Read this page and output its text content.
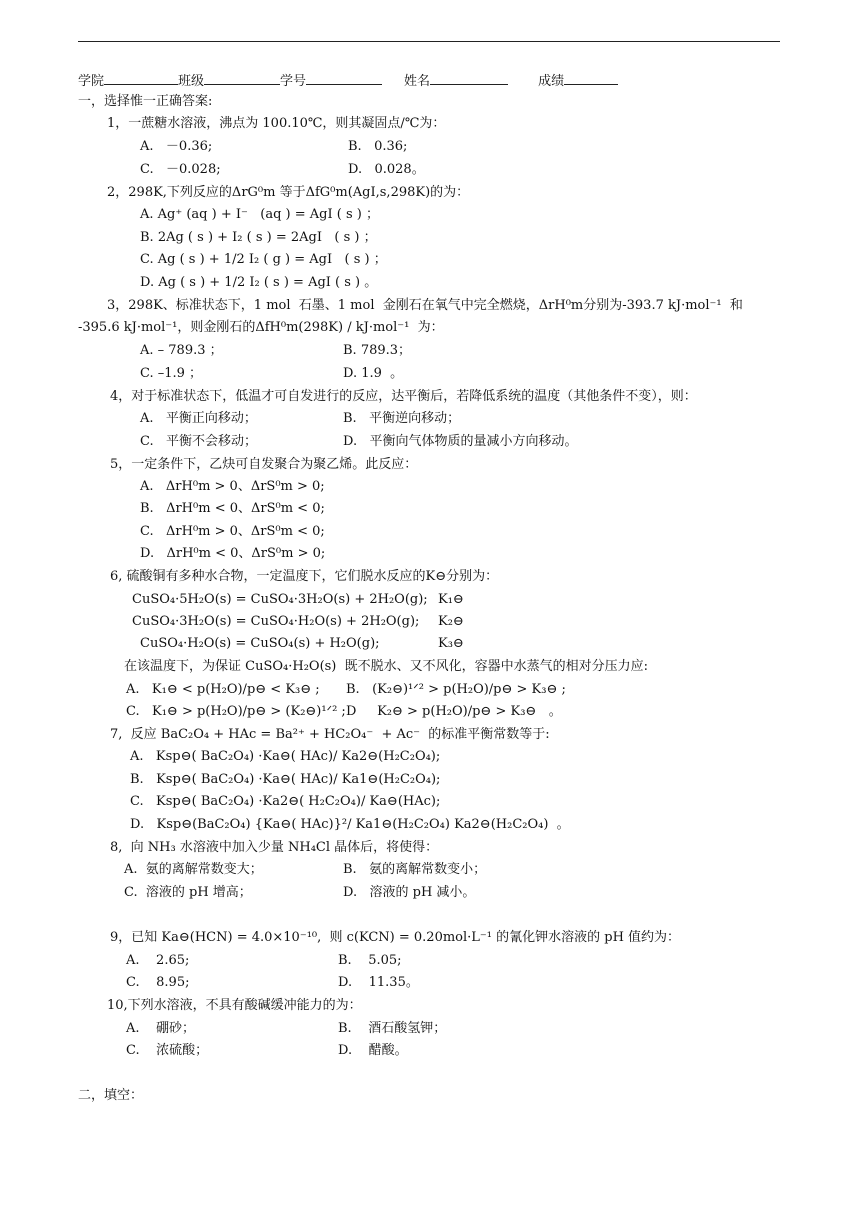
学院	班级	学号	姓名	成绩
一，选择惟一正确答案:
1，一蔗糖水溶液，沸点为 100.10℃，则其凝固点/℃为：
A.   －0.36;	B.   0.36;
C.   －0.028;	D.   0.028。
2，298K,下列反应的ΔrG⁰m 等于ΔfG⁰m(AgI,s,298K)的为：
A. Ag⁺ (aq ) + I⁻   (aq ) = AgI ( s ) ；
B. 2Ag ( s ) + I₂ ( s ) = 2AgI   ( s ) ；
C. Ag ( s ) + 1/2 I₂ ( g ) = AgI   ( s ) ；
D. Ag ( s ) + 1/2 I₂ ( s ) = AgI ( s ) 。
3，298K、标准状态下，1 mol  石墨、1 mol  金刚石在氧气中完全燃烧，ΔrH⁰m分别为-393.7 kJ·mol⁻¹  和
-395.6 kJ·mol⁻¹，则金刚石的ΔfH⁰m(298K) / kJ·mol⁻¹  为：
A. – 789.3 ；	B. 789.3；
C. –1.9 ；	D. 1.9  。
4，对于标准状态下，低温才可自发进行的反应，达平衡后，若降低系统的温度（其他条件不变），则：
A.   平衡正向移动；	B.   平衡逆向移动；
C.   平衡不会移动；	D.   平衡向气体物质的量减小方向移动。
5，一定条件下，乙炔可自发聚合为聚乙烯。此反应：
A.   ΔrH⁰m > 0、ΔrS⁰m > 0;
B.   ΔrH⁰m < 0、ΔrS⁰m < 0;
C.   ΔrH⁰m > 0、ΔrS⁰m < 0;
D.   ΔrH⁰m < 0、ΔrS⁰m > 0;
6, 硫酸铜有多种水合物，一定温度下，它们脱水反应的K⊖分别为：
CuSO₄·5H₂O(s) = CuSO₄·3H₂O(s) + 2H₂O(g); K₁⊖
CuSO₄·3H₂O(s) = CuSO₄·H₂O(s) + 2H₂O(g); K₂⊖
CuSO₄·H₂O(s) = CuSO₄(s) + H₂O(g);	K₃⊖
在该温度下，为保证 CuSO₄·H₂O(s)  既不脱水、又不风化，容器中水蒸气的相对分压力应:
A.   K₁⊖ < p(H₂O)/p⊖ < K₃⊖ ; B.   (K₂⊖)¹ᐟ² > p(H₂O)/p⊖ > K₃⊖ ;
C.   K₁⊖ > p(H₂O)/p⊖ > (K₂⊖)¹ᐟ² ; D     K₂⊖ > p(H₂O)/p⊖ > K₃⊖   。
7,  反应 BaC₂O₄ + HAc = Ba²⁺ + HC₂O₄⁻  + Ac⁻  的标准平衡常数等于:
A.   Ksp⊖( BaC₂O₄) ·Ka⊖( HAc)/ Ka2⊖(H₂C₂O₄);
B.   Ksp⊖( BaC₂O₄) ·Ka⊖( HAc)/ Ka1⊖(H₂C₂O₄);
C.   Ksp⊖( BaC₂O₄) ·Ka2⊖( H₂C₂O₄)/ Ka⊖(HAc);
D.   Ksp⊖(BaC₂O₄) {Ka⊖( HAc)}²/ Ka1⊖(H₂C₂O₄) Ka2⊖(H₂C₂O₄)  。
8,  向 NH₃ 水溶液中加入少量 NH₄Cl 晶体后，将使得：
A.  氨的离解常数变大；	B.   氨的离解常数变小；
C.  溶液的 pH 增高；	D.   溶液的 pH 减小。
9，已知 Ka⊖(HCN) = 4.0×10⁻¹⁰,  则 c(KCN) = 0.20mol·L⁻¹ 的氰化钾水溶液的 pH 值约为：
A.    2.65;	B.    5.05;
C.    8.95;	D.    11.35。
10,下列水溶液，不具有酸碱缓冲能力的为：
A.    硼砂；	B.    酒石酸氢钾；
C.    浓硫酸；	D.    醋酸。
二，填空：
